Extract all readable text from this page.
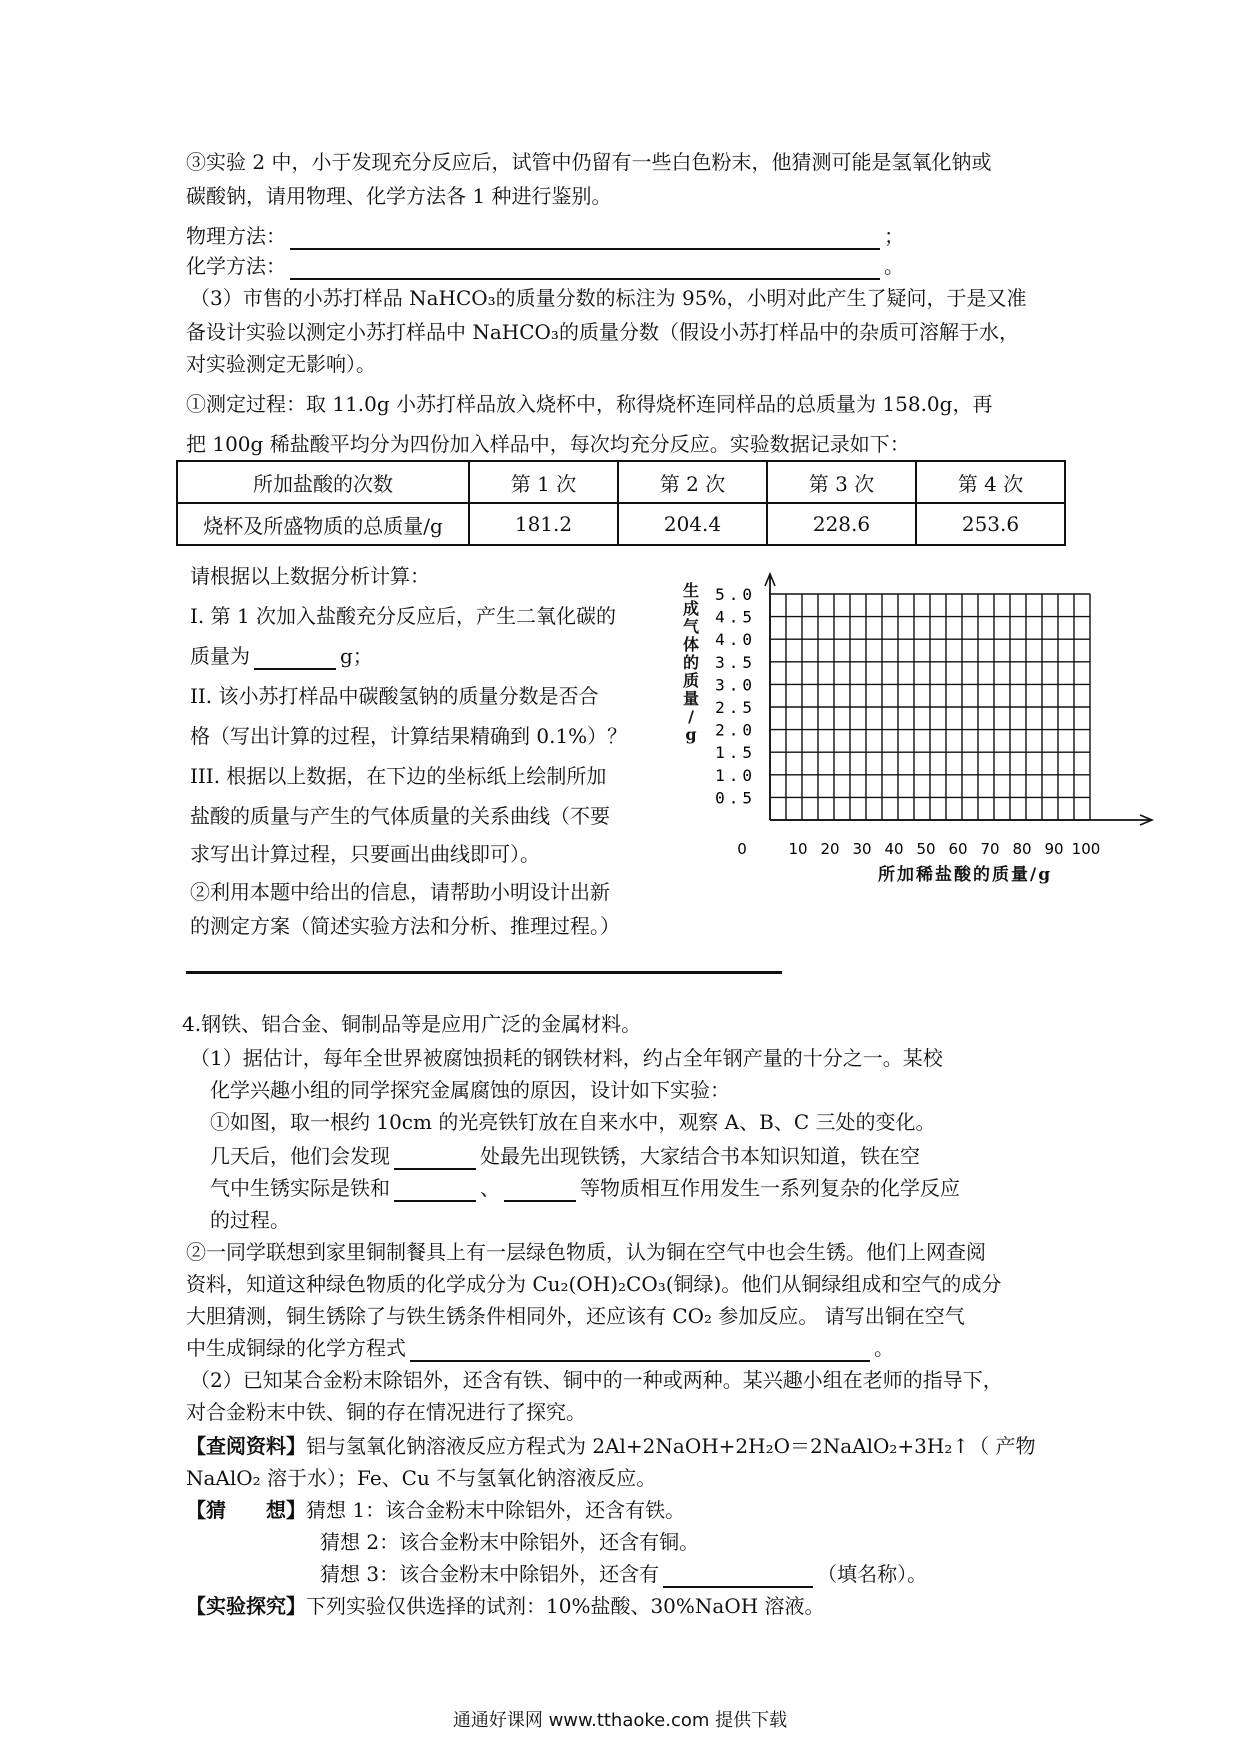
③实验 2 中，小于发现充分反应后，试管中仍留有一些白色粉末，他猜测可能是氢氧化钠或
碳酸钠，请用物理、化学方法各 1 种进行鉴别。
物理方法：	；
化学方法：	。
（3）市售的小苏打样品 NaHCO₃的质量分数的标注为 95%，小明对此产生了疑问，于是又准
备设计实验以测定小苏打样品中 NaHCO₃的质量分数（假设小苏打样品中的杂质可溶解于水，
对实验测定无影响）。
①测定过程：取 11.0g 小苏打样品放入烧杯中，称得烧杯连同样品的总质量为 158.0g，再
把 100g 稀盐酸平均分为四份加入样品中，每次均充分反应。实验数据记录如下：
所加盐酸的次数	第 1 次	第 2 次	第 3 次	第 4 次
烧杯及所盛物质的总质量/g	181.2	204.4	228.6	253.6
请根据以上数据分析计算：
I. 第 1 次加入盐酸充分反应后，产生二氧化碳的
质量为	g；
II. 该小苏打样品中碳酸氢钠的质量分数是否合
格（写出计算的过程，计算结果精确到 0.1%）？
III. 根据以上数据，在下边的坐标纸上绘制所加
盐酸的质量与产生的气体质量的关系曲线（不要
求写出计算过程，只要画出曲线即可）。
②利用本题中给出的信息，请帮助小明设计出新
的测定方案（简述实验方法和分析、推理过程。）
生
成
气
体
的
质
量
/
g
5.0
4.5
4.0
3.5
3.0
2.5
2.0
1.5
1.0
0.5
0	10 20 30 40 50 60 70 80 90 100
所加稀盐酸的质量/g
4.钢铁、铝合金、铜制品等是应用广泛的金属材料。
（1）据估计，每年全世界被腐蚀损耗的钢铁材料，约占全年钢产量的十分之一。某校
化学兴趣小组的同学探究金属腐蚀的原因，设计如下实验：
①如图，取一根约 10cm 的光亮铁钉放在自来水中，观察 A、B、C 三处的变化。
几天后，他们会发现	处最先出现铁锈，大家结合书本知识知道，铁在空
气中生锈实际是铁和	、	等物质相互作用发生一系列复杂的化学反应
的过程。
②一同学联想到家里铜制餐具上有一层绿色物质，认为铜在空气中也会生锈。他们上网查阅
资料，知道这种绿色物质的化学成分为 Cu₂(OH)₂CO₃(铜绿)。他们从铜绿组成和空气的成分
大胆猜测，铜生锈除了与铁生锈条件相同外，还应该有 CO₂ 参加反应。 请写出铜在空气
中生成铜绿的化学方程式	。
（2）已知某合金粉末除铝外，还含有铁、铜中的一种或两种。某兴趣小组在老师的指导下，
对合金粉末中铁、铜的存在情况进行了探究。
【查阅资料】铝与氢氧化钠溶液反应方程式为 2Al+2NaOH+2H₂O＝2NaAlO₂+3H₂↑（ 产物
NaAlO₂ 溶于水）；Fe、Cu 不与氢氧化钠溶液反应。
【猜　　想】猜想 1：该合金粉末中除铝外，还含有铁。
猜想 2：该合金粉末中除铝外，还含有铜。
猜想 3：该合金粉末中除铝外，还含有	（填名称）。
【实验探究】下列实验仅供选择的试剂：10%盐酸、30%NaOH 溶液。
通通好课网 www.tthaoke.com 提供下载
